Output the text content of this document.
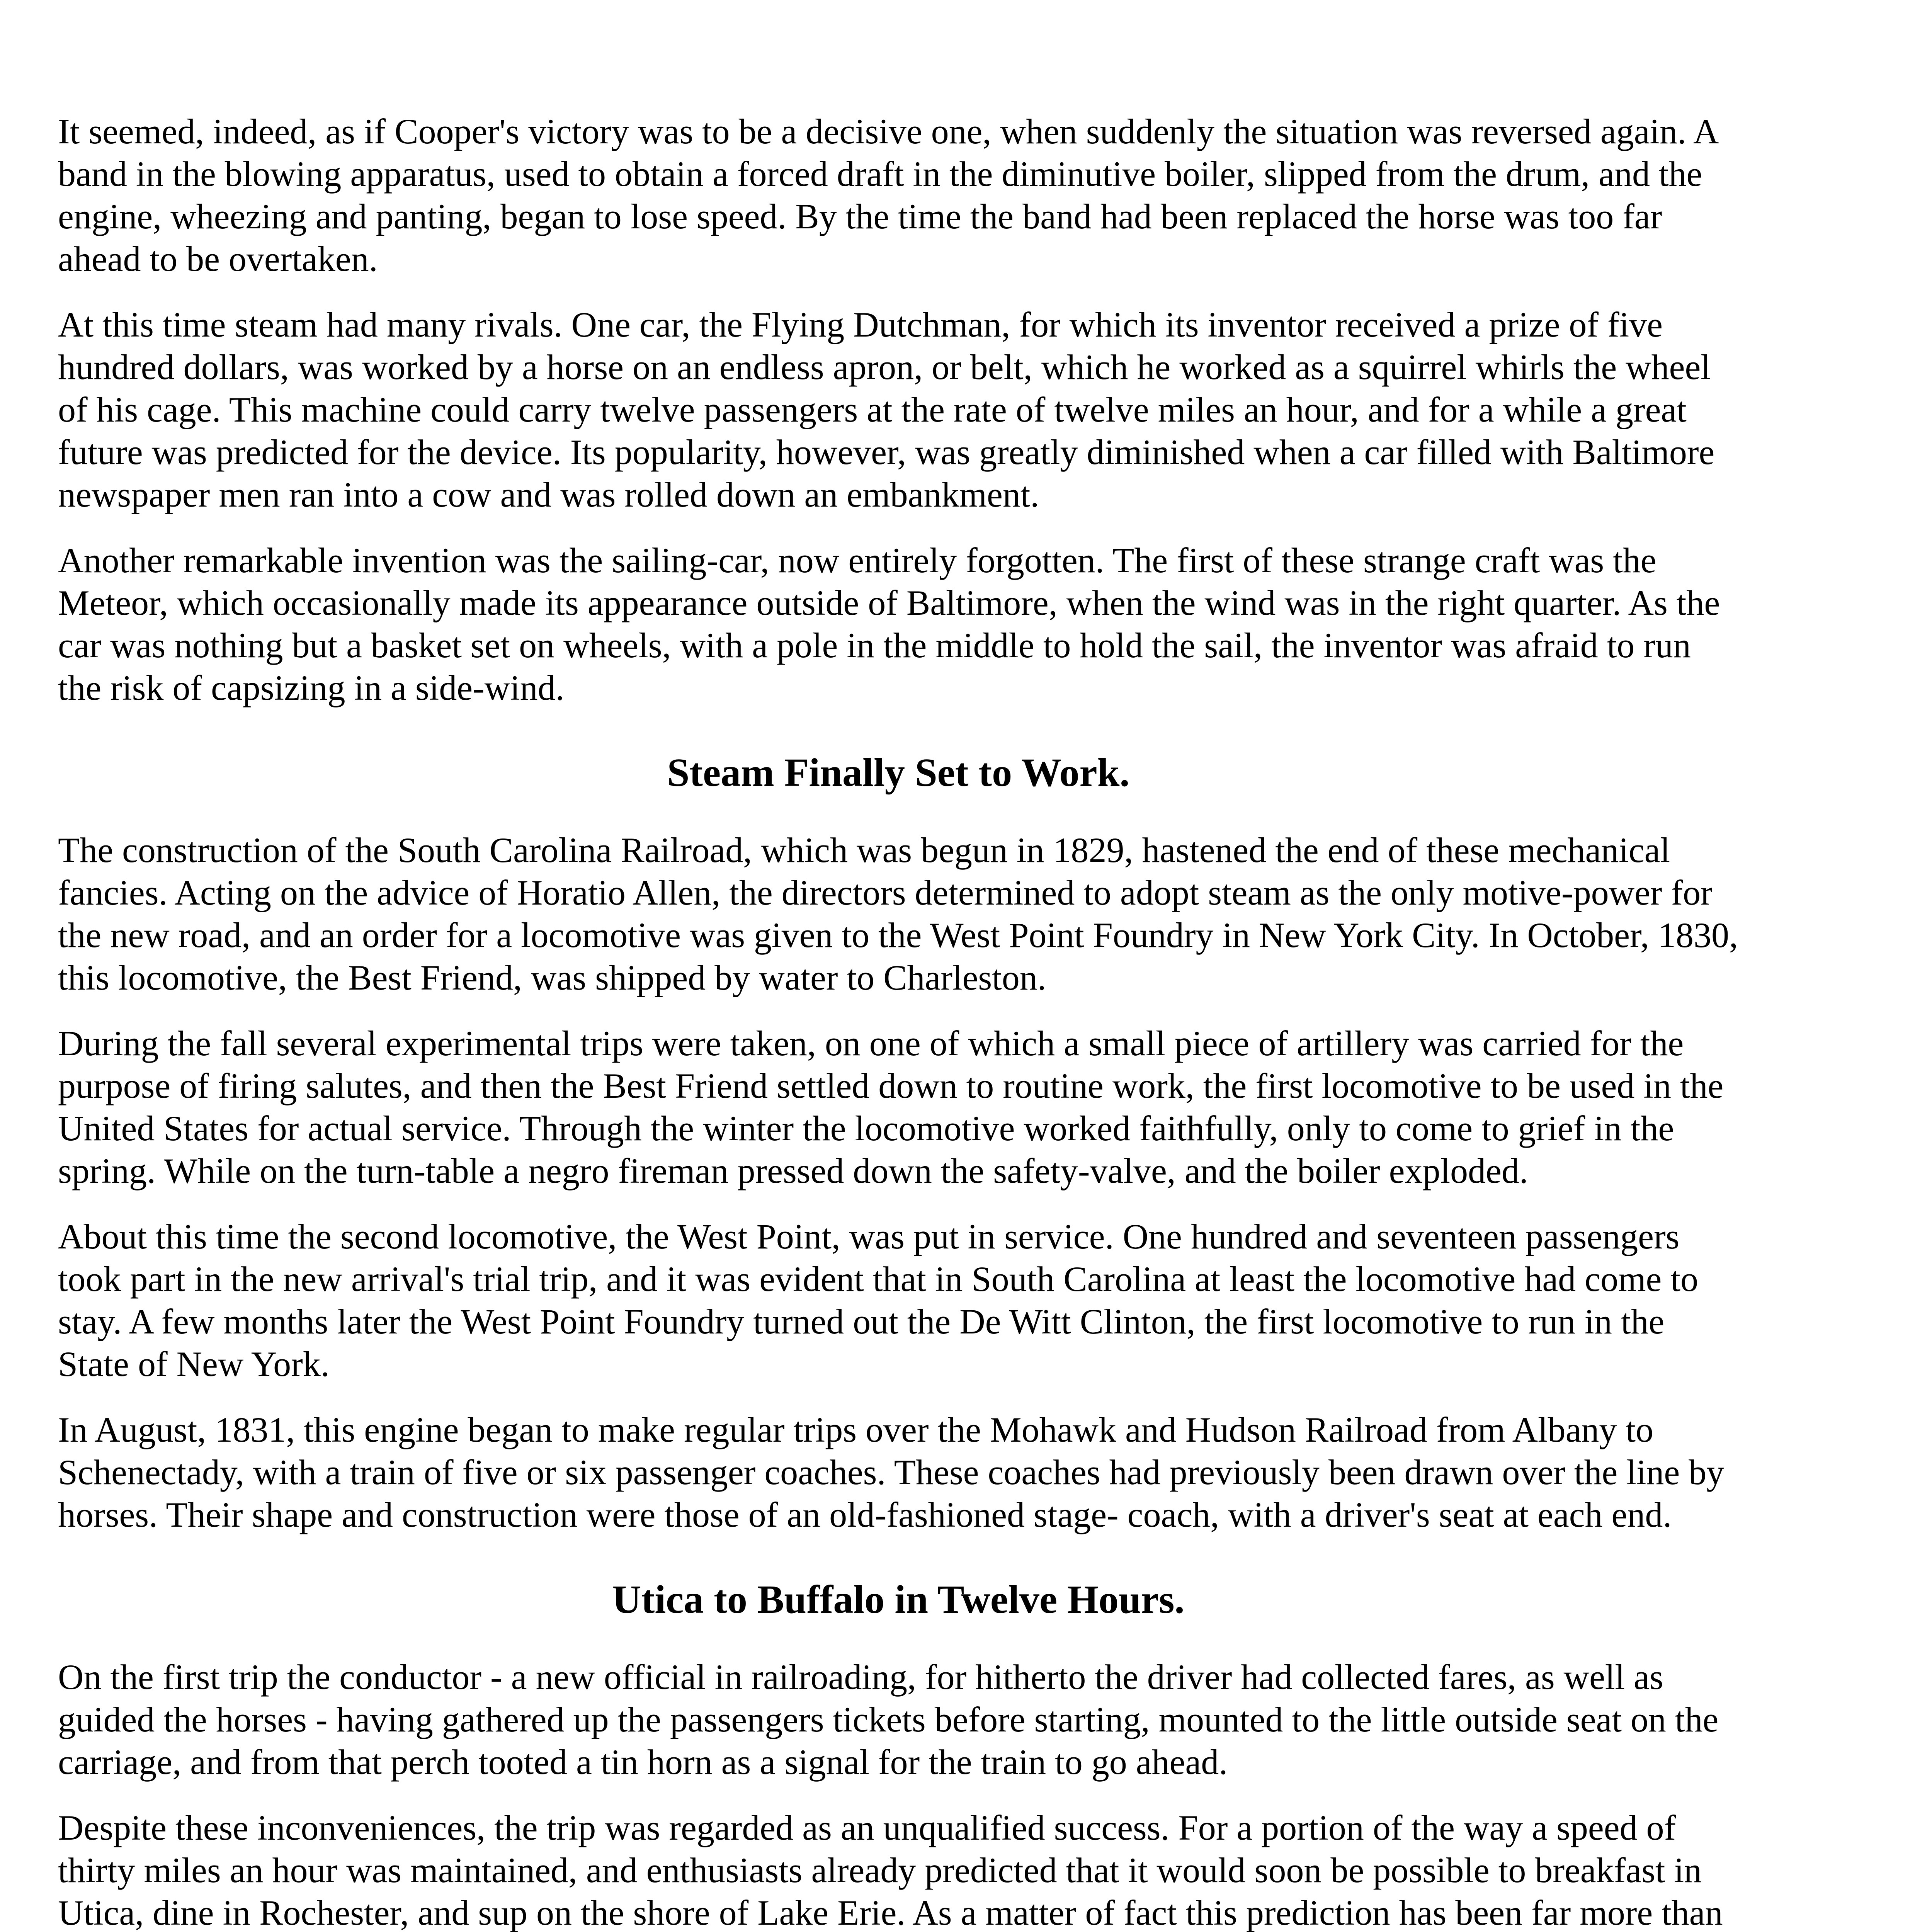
It seemed, indeed, as if Cooper's victory was to be a decisive one, when suddenly the situation was reversed again. A band in the blowing apparatus, used to obtain a forced draft in the diminutive boiler, slipped from the drum, and the engine, wheezing and panting, began to lose speed. By the time the band had been replaced the horse was too far ahead to be overtaken.

At this time steam had many rivals. One car, the Flying Dutchman, for which its inventor received a prize of five hundred dollars, was worked by a horse on an endless apron, or belt, which he worked as a squirrel whirls the wheel of his cage. This machine could carry twelve passengers at the rate of twelve miles an hour, and for a while a great future was predicted for the device. Its popularity, however, was greatly diminished when a car filled with Baltimore newspaper men ran into a cow and was rolled down an embankment.

Another remarkable invention was the sailing-car, now entirely forgotten. The first of these strange craft was the Meteor, which occasionally made its appearance outside of Baltimore, when the wind was in the right quarter. As the car was nothing but a basket set on wheels, with a pole in the middle to hold the sail, the inventor was afraid to run the risk of capsizing in a side-wind.

Steam Finally Set to Work.

The construction of the South Carolina Railroad, which was begun in 1829, hastened the end of these mechanical fancies. Acting on the advice of Horatio Allen, the directors determined to adopt steam as the only motive-power for the new road, and an order for a locomotive was given to the West Point Foundry in New York City. In October, 1830, this locomotive, the Best Friend, was shipped by water to Charleston.

During the fall several experimental trips were taken, on one of which a small piece of artillery was carried for the purpose of firing salutes, and then the Best Friend settled down to routine work, the first locomotive to be used in the United States for actual service. Through the winter the locomotive worked faithfully, only to come to grief in the spring. While on the turn-table a negro fireman pressed down the safety-valve, and the boiler exploded.

About this time the second locomotive, the West Point, was put in service. One hundred and seventeen passengers took part in the new arrival's trial trip, and it was evident that in South Carolina at least the locomotive had come to stay. A few months later the West Point Foundry turned out the De Witt Clinton, the first locomotive to run in the State of New York.

In August, 1831, this engine began to make regular trips over the Mohawk and Hudson Railroad from Albany to Schenectady, with a train of five or six passenger coaches. These coaches had previously been drawn over the line by horses. Their shape and construction were those of an old-fashioned stage- coach, with a driver's seat at each end.

Utica to Buffalo in Twelve Hours.

On the first trip the conductor - a new official in railroading, for hitherto the driver had collected fares, as well as guided the horses - having gathered up the passengers tickets before starting, mounted to the little outside seat on the carriage, and from that perch tooted a tin horn as a signal for the train to go ahead.

Despite these inconveniences, the trip was regarded as an unqualified success. For a portion of the way a speed of thirty miles an hour was maintained, and enthusiasts already predicted that it would soon be possible to breakfast in Utica, dine in Rochester, and sup on the shore of Lake Erie. As a matter of fact this prediction has been far more than
